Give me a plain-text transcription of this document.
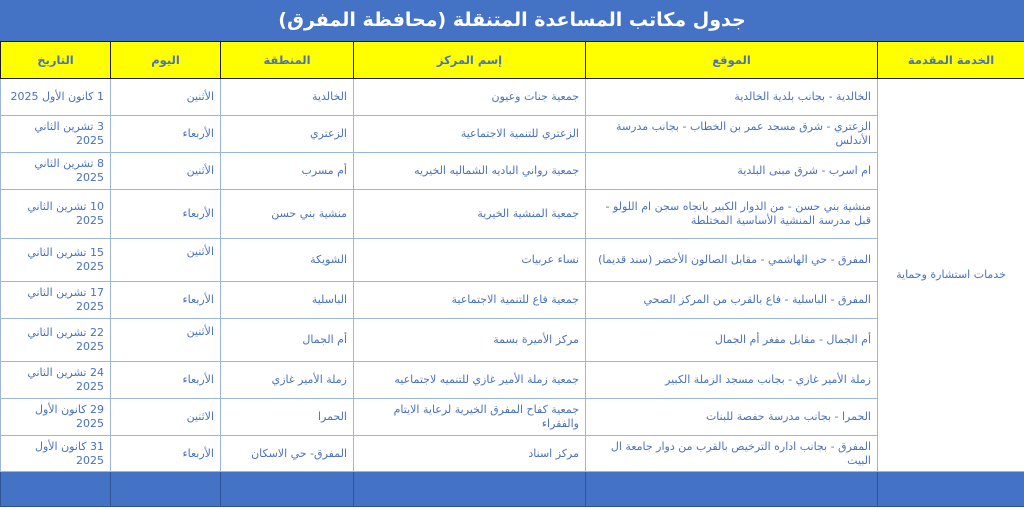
جدول مكاتب المساعدة المتنقلة (محافظة المفرق)
التاريخ	اليوم	المنطقة	إسم المركز	الموقع	الخدمة المقدمة
1 كانون الأول 2025	الأثنين	الخالدية	جمعية جنات وعيون	الخالدية - بجانب بلدية الخالدية	خدمات استشارة وحماية
3 تشرين الثاني 2025	الأربعاء	الزعتري	الزعتري للتنمية الاجتماعية	الزعتري - شرق مسجد عمر بن الخطاب - بجانب مدرسة الأندلس	
8 تشرين الثاني 2025	الأثنين	أم مسرب	جمعية رواني الباديه الشماليه الخيريه	ام اسرب - شرق مبنى البلدية	
10 تشرين الثاني 2025	الأربعاء	منشية بني حسن	جمعية المنشية الخيرية	منشية بني حسن - من الدوار الكبير باتجاه سجن ام اللولو - قبل مدرسة المنشية الأساسية المختلطة	
15 تشرين الثاني 2025	الأثنين	الشويكة	نساء عربيات	المفرق - حي الهاشمي - مقابل الصالون الأخضر (سند قديما)	
17 تشرين الثاني 2025	الأربعاء	الباسلية	جمعية فاع للتنمية الاجتماعية	المفرق - الباسلية - فاع بالقرب من المركز الصحي	
22 تشرين الثاني 2025	الأثنين	أم الجمال	مركز الأميرة بسمة	أم الجمال - مقابل مفغر أم الجمال	
24 تشرين الثاني 2025	الأربعاء	زملة الأمير غازي	جمعية زملة الأمير غازي للتنميه لاجتماعيه	زملة الأمير غازي - بجانب مسجد الزملة الكبير	
29 كانون الأول 2025	الاثنين	الحمرا	جمعية كفاح المفرق الخيرية لرعاية الايتام والفقراء	الحمرا - بجانب مدرسة حفصة للبنات	
31 كانون الأول 2025	الأربعاء	المفرق- حي الاسكان	مركز اسناد	المفرق - بجانب اداره الترخيص بالقرب من دوار جامعة ال البيت	
